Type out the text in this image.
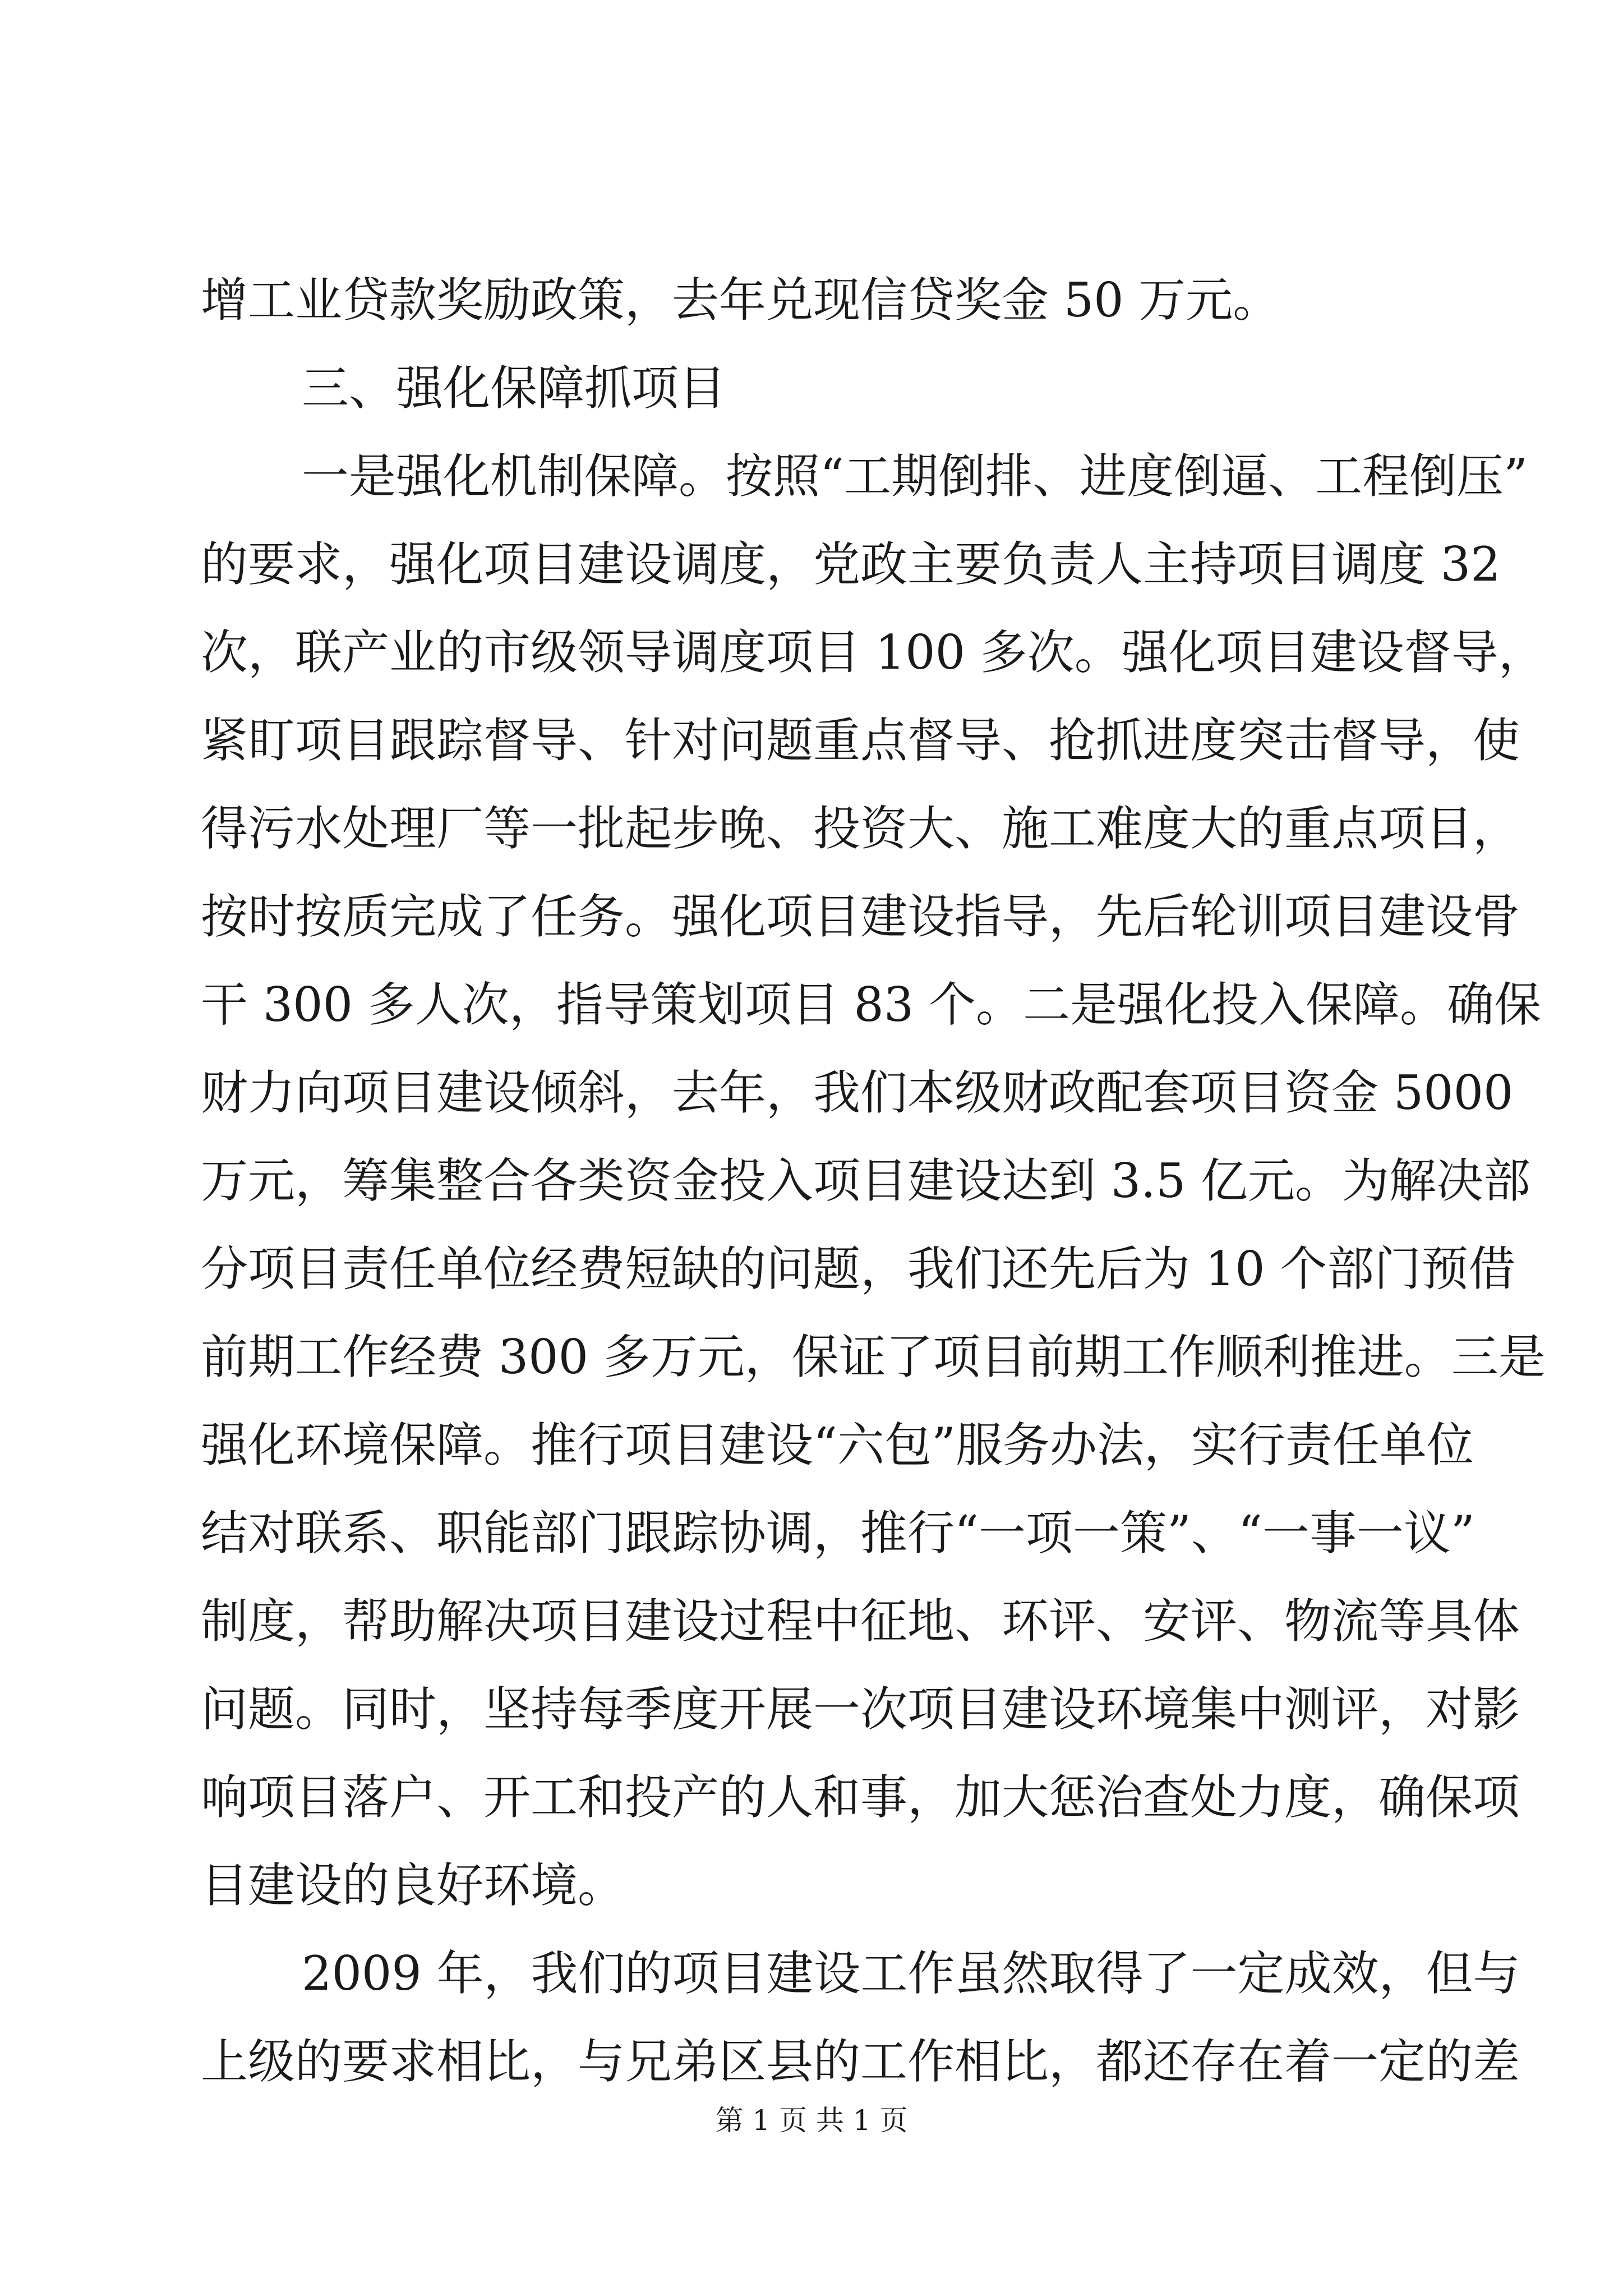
增工业贷款奖励政策，去年兑现信贷奖金 50 万元。
三、强化保障抓项目
一是强化机制保障。按照“工期倒排、进度倒逼、工程倒压”
的要求，强化项目建设调度，党政主要负责人主持项目调度 32
次，联产业的市级领导调度项目 100 多次。强化项目建设督导，
紧盯项目跟踪督导、针对问题重点督导、抢抓进度突击督导，使
得污水处理厂等一批起步晚、投资大、施工难度大的重点项目，
按时按质完成了任务。强化项目建设指导，先后轮训项目建设骨
干 300 多人次，指导策划项目 83 个。二是强化投入保障。确保
财力向项目建设倾斜，去年，我们本级财政配套项目资金 5000
万元，筹集整合各类资金投入项目建设达到 3.5 亿元。为解决部
分项目责任单位经费短缺的问题，我们还先后为 10 个部门预借
前期工作经费 300 多万元，保证了项目前期工作顺利推进。三是
强化环境保障。推行项目建设“六包”服务办法，实行责任单位
结对联系、职能部门跟踪协调，推行“一项一策”、“一事一议”
制度，帮助解决项目建设过程中征地、环评、安评、物流等具体
问题。同时，坚持每季度开展一次项目建设环境集中测评，对影
响项目落户、开工和投产的人和事，加大惩治查处力度，确保项
目建设的良好环境。
2009 年，我们的项目建设工作虽然取得了一定成效，但与
第 1 页 共 1 页
上级的要求相比，与兄弟区县的工作相比，都还存在着一定的差
